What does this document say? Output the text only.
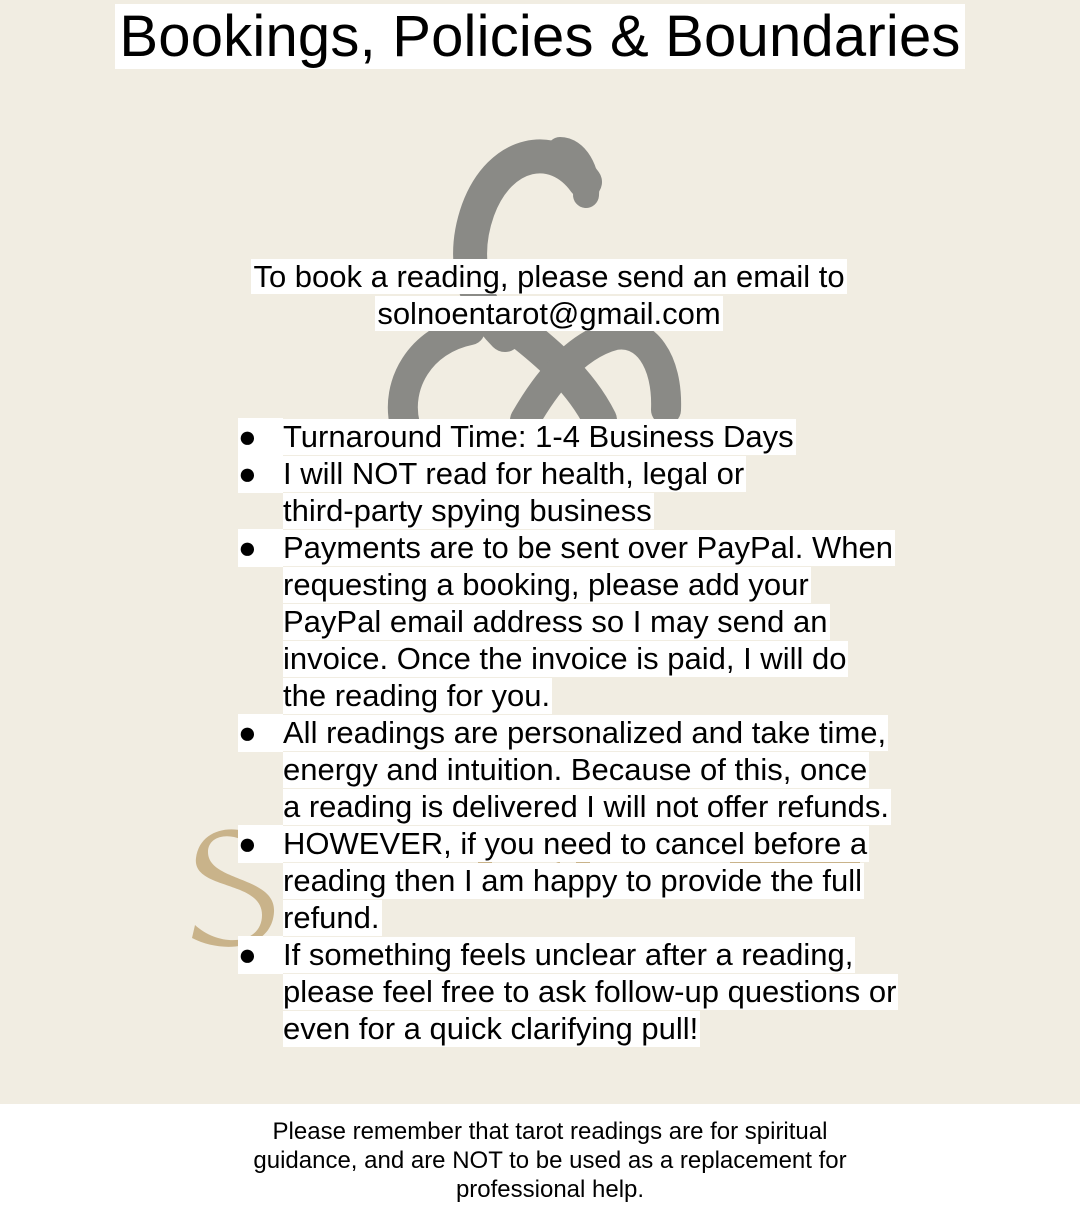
Bookings, Policies & Boundaries
To book a reading, please send an email to
solnoentarot@gmail.com
● Turnaround Time: 1-4 Business Days
● I will NOT read for health, legal or third-party spying business
● Payments are to be sent over PayPal. When requesting a booking, please add your PayPal email address so I may send an invoice. Once the invoice is paid, I will do the reading for you.
● All readings are personalized and take time, energy and intuition. Because of this, once a reading is delivered I will not offer refunds.
● HOWEVER, if you need to cancel before a reading then I am happy to provide the full refund.
● If something feels unclear after a reading, please feel free to ask follow-up questions or even for a quick clarifying pull!
Please remember that tarot readings are for spiritual guidance, and are NOT to be used as a replacement for professional help.
